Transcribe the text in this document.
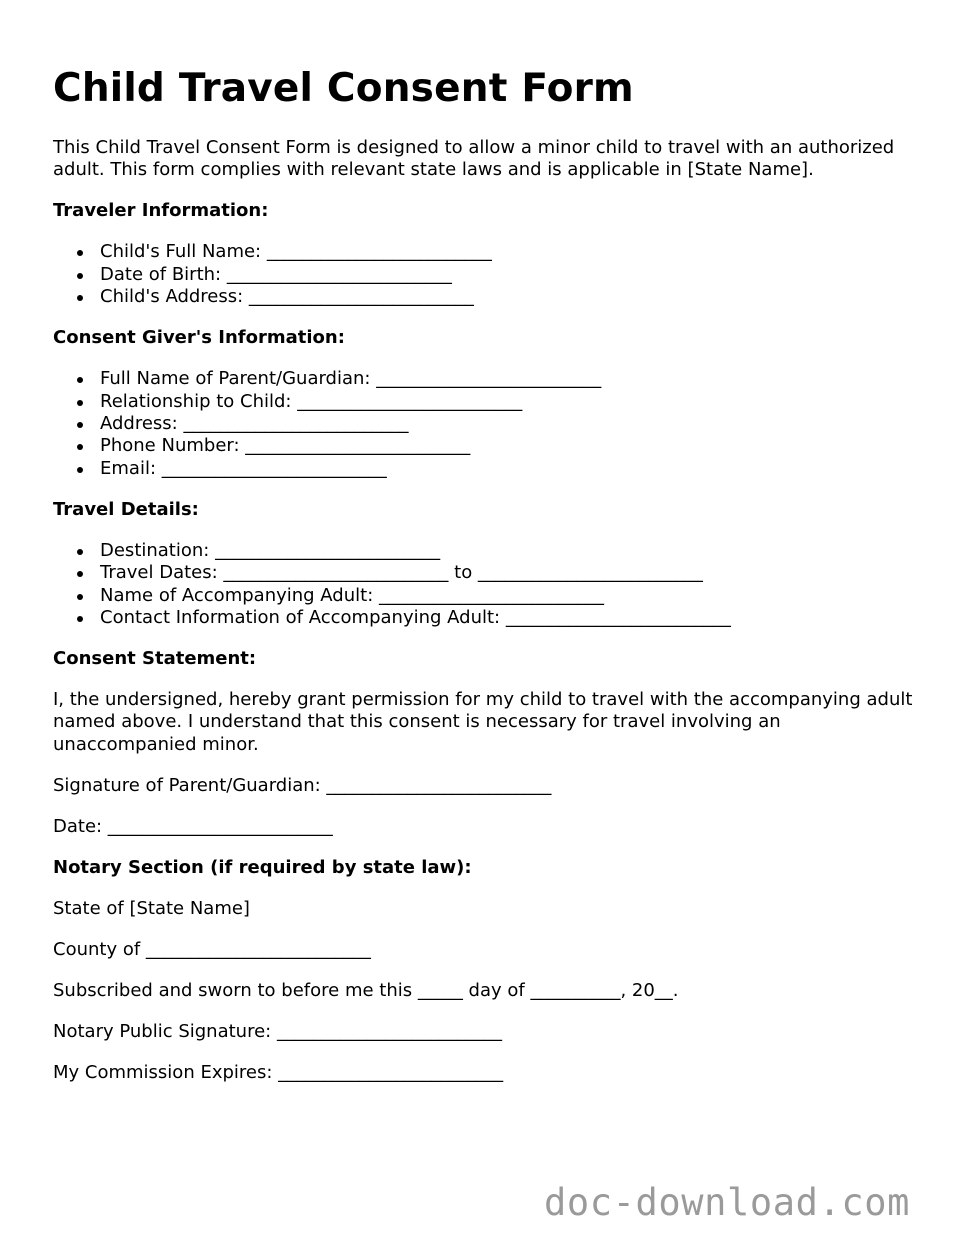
Child Travel Consent Form

This Child Travel Consent Form is designed to allow a minor child to travel with an authorized adult. This form complies with relevant state laws and is applicable in [State Name].

Traveler Information:

Child's Full Name: _________________________
Date of Birth: _________________________
Child's Address: _________________________

Consent Giver's Information:

Full Name of Parent/Guardian: _________________________
Relationship to Child: _________________________
Address: _________________________
Phone Number: _________________________
Email: _________________________

Travel Details:

Destination: _________________________
Travel Dates: _________________________ to _________________________
Name of Accompanying Adult: _________________________
Contact Information of Accompanying Adult: _________________________

Consent Statement:

I, the undersigned, hereby grant permission for my child to travel with the accompanying adult named above. I understand that this consent is necessary for travel involving an unaccompanied minor.

Signature of Parent/Guardian: _________________________

Date: _________________________

Notary Section (if required by state law):

State of [State Name]

County of _________________________

Subscribed and sworn to before me this _____ day of __________, 20__.

Notary Public Signature: _________________________

My Commission Expires: _________________________

doc-download.com
